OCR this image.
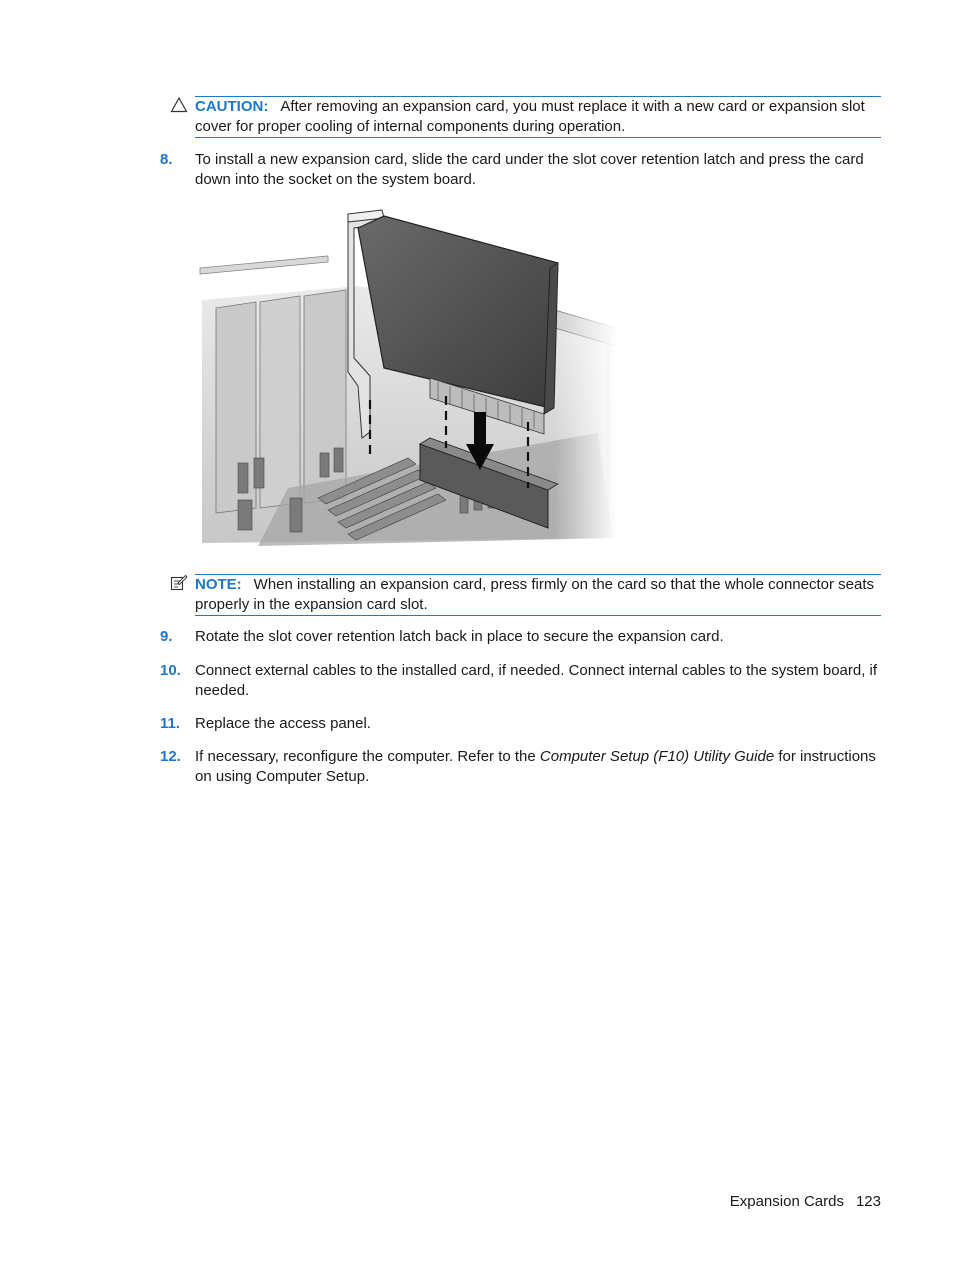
CAUTION: After removing an expansion card, you must replace it with a new card or expansion slot cover for proper cooling of internal components during operation.

8. To install a new expansion card, slide the card under the slot cover retention latch and press the card down into the socket on the system board.

NOTE: When installing an expansion card, press firmly on the card so that the whole connector seats properly in the expansion card slot.

9. Rotate the slot cover retention latch back in place to secure the expansion card.
10. Connect external cables to the installed card, if needed. Connect internal cables to the system board, if needed.
11. Replace the access panel.
12. If necessary, reconfigure the computer. Refer to the Computer Setup (F10) Utility Guide for instructions on using Computer Setup.
Expansion Cards 123
